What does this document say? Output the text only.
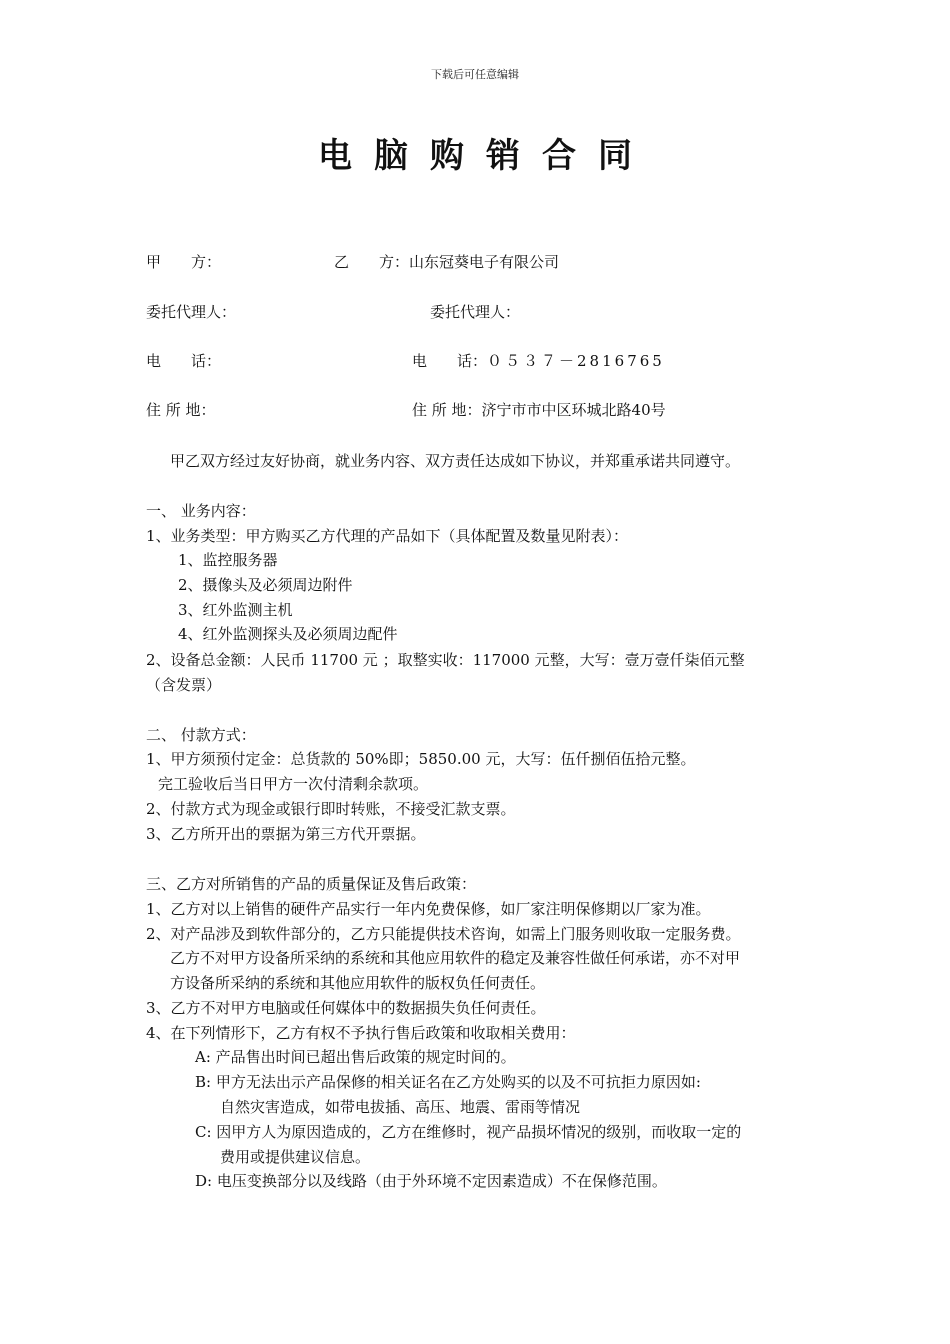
下载后可任意编辑
电脑购销合同
甲　　方：	乙　　方：山东冠葵电子有限公司
委托代理人：	委托代理人：
电　　话：	电　　话：０５３７－2816765
住 所 地：	住 所 地：济宁市市中区环城北路40号
甲乙双方经过友好协商，就业务内容、双方责任达成如下协议，并郑重承诺共同遵守。
一、 业务内容：
1、业务类型：甲方购买乙方代理的产品如下（具体配置及数量见附表）：
1、监控服务器
2、摄像头及必须周边附件
3、红外监测主机
4、红外监测探头及必须周边配件
2、设备总金额：人民币 11700 元 ；取整实收：117000 元整，大写：壹万壹仟柒佰元整
（含发票）
二、 付款方式：
1、甲方须预付定金：总货款的 50%即；5850.00 元，大写：伍仟捌佰伍拾元整。
完工验收后当日甲方一次付清剩余款项。
2、付款方式为现金或银行即时转账，不接受汇款支票。
3、乙方所开出的票据为第三方代开票据。
三、乙方对所销售的产品的质量保证及售后政策：
1、乙方对以上销售的硬件产品实行一年内免费保修，如厂家注明保修期以厂家为准。
2、对产品涉及到软件部分的，乙方只能提供技术咨询，如需上门服务则收取一定服务费。
乙方不对甲方设备所采纳的系统和其他应用软件的稳定及兼容性做任何承诺，亦不对甲
方设备所采纳的系统和其他应用软件的版权负任何责任。
3、乙方不对甲方电脑或任何媒体中的数据损失负任何责任。
4、在下列情形下，乙方有权不予执行售后政策和收取相关费用：
A: 产品售出时间已超出售后政策的规定时间的。
B: 甲方无法出示产品保修的相关证名在乙方处购买的以及不可抗拒力原因如:
自然灾害造成，如带电拔插、高压、地震、雷雨等情况
C: 因甲方人为原因造成的，乙方在维修时，视产品损坏情况的级别，而收取一定的
费用或提供建议信息。
D: 电压变换部分以及线路（由于外环境不定因素造成）不在保修范围。
